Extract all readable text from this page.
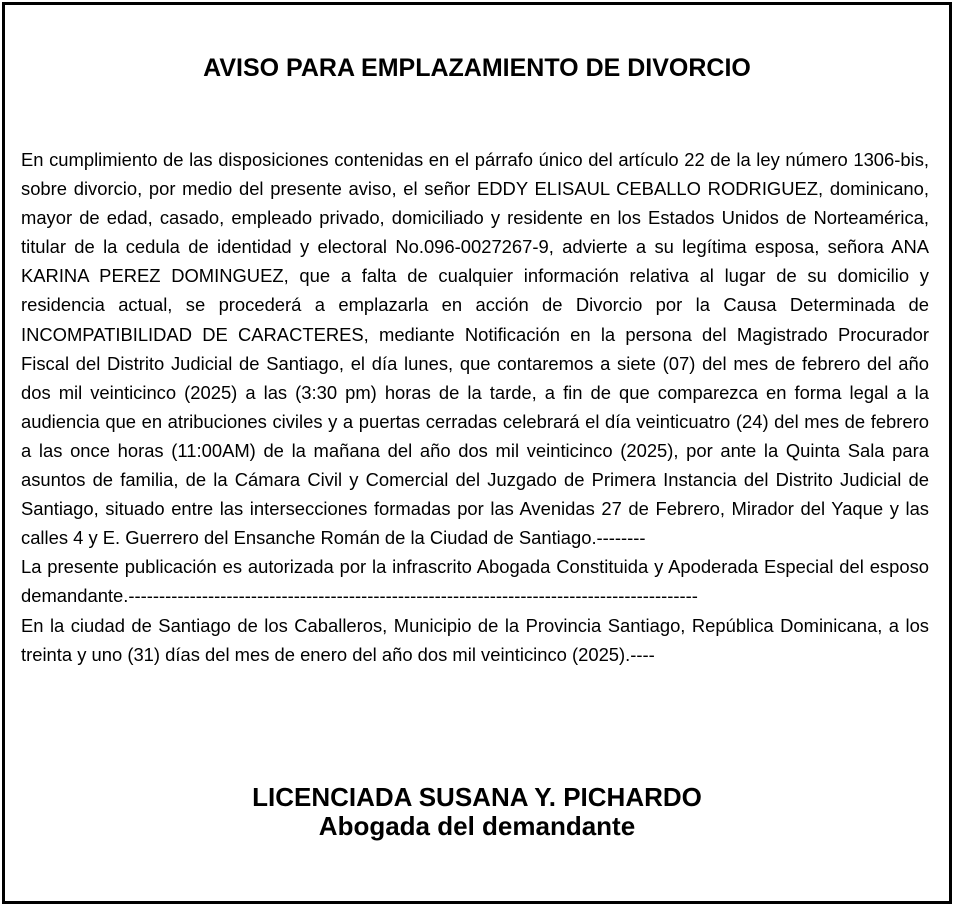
AVISO PARA EMPLAZAMIENTO DE DIVORCIO

En cumplimiento de las disposiciones contenidas en el párrafo único del artículo 22 de la ley número 1306-bis, sobre divorcio, por medio del presente aviso, el señor EDDY ELISAUL CEBALLO RODRIGUEZ, dominicano, mayor de edad, casado, empleado privado, domiciliado y residente en los Estados Unidos de Norteamérica, titular de la cedula de identidad y electoral No.096-0027267-9, advierte a su legítima esposa, señora ANA KARINA PEREZ DOMINGUEZ, que a falta de cualquier información relativa al lugar de su domicilio y residencia actual, se procederá a emplazarla en acción de Divorcio por la Causa Determinada de INCOMPATIBILIDAD DE CARACTERES, mediante Notificación en la persona del Magistrado Procurador Fiscal del Distrito Judicial de Santiago, el día lunes, que contaremos a siete (07) del mes de febrero del año dos mil veinticinco (2025) a las (3:30 pm) horas de la tarde, a fin de que comparezca en forma legal a la audiencia que en atribuciones civiles y a puertas cerradas celebrará el día veinticuatro (24) del mes de febrero a las once horas (11:00AM) de la mañana del año dos mil veinticinco (2025), por ante la Quinta Sala para asuntos de familia, de la Cámara Civil y Comercial del Juzgado de Primera Instancia del Distrito Judicial de Santiago, situado entre las intersecciones formadas por las Avenidas 27 de Febrero, Mirador del Yaque y las calles 4 y E. Guerrero del Ensanche Román de la Ciudad de Santiago.--------

La presente publicación es autorizada por la infrascrito Abogada Constituida y Apoderada Especial del esposo demandante.---------------------------------------------------------------------------------------------

En la ciudad de Santiago de los Caballeros, Municipio de la Provincia Santiago, República Dominicana, a los treinta y uno (31) días del mes de enero del año dos mil veinticinco (2025).----

LICENCIADA SUSANA Y. PICHARDO
Abogada del demandante
